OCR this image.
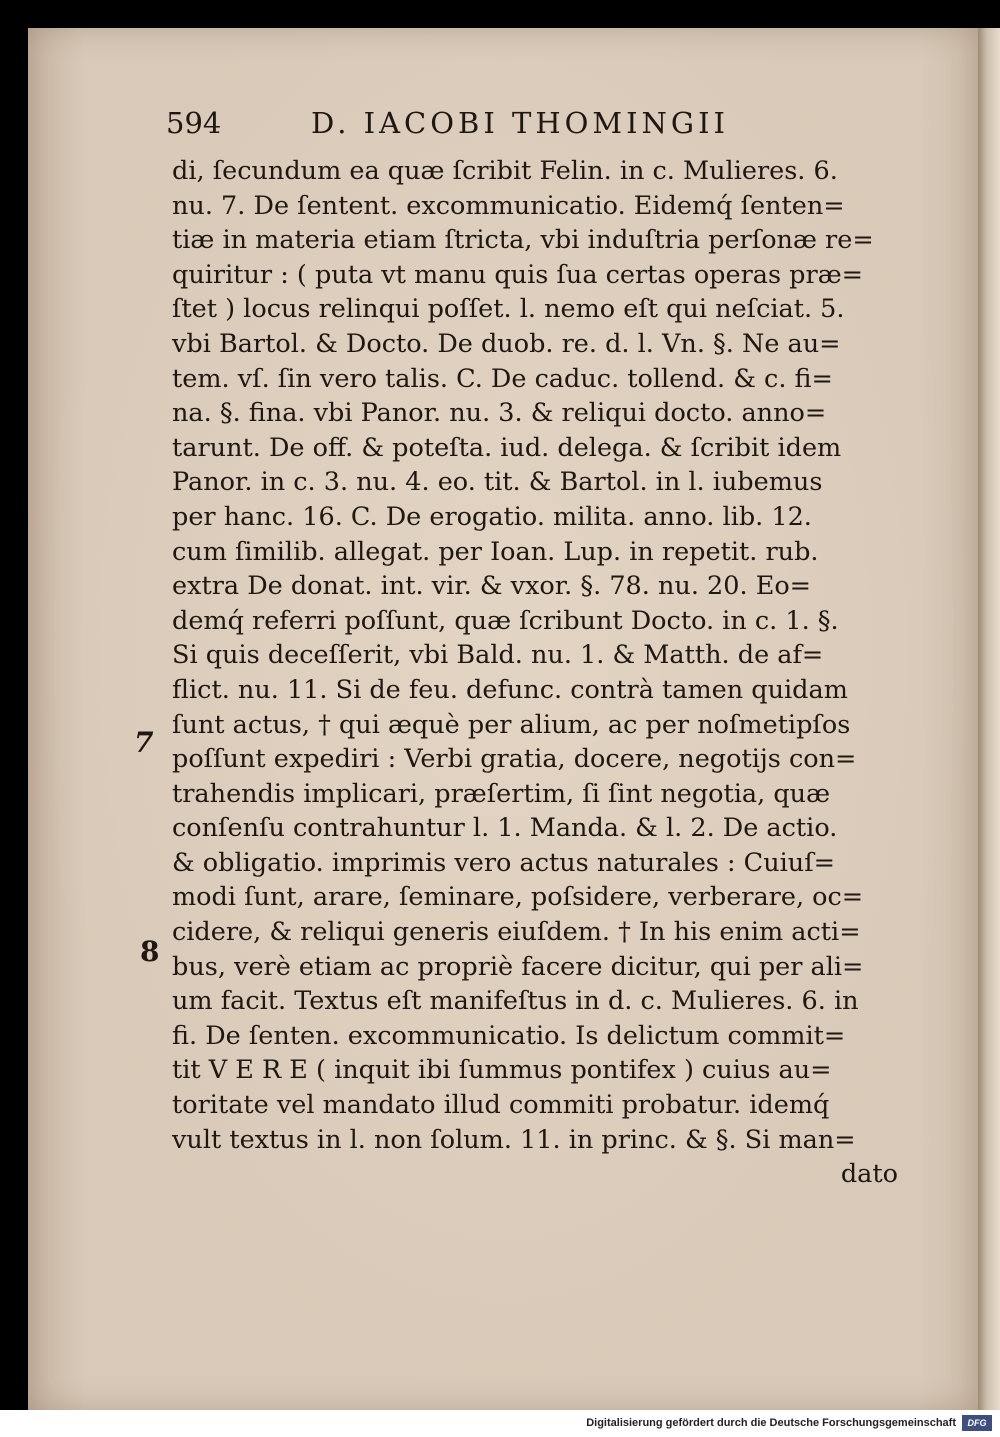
594	D. IACOBI THOMINGII
di, ſecundum ea quæ ſcribit Felin. in c. Mulieres. 6.
nu. 7. De ſentent. excommunicatio. Eidemq́ ſenten=
tiæ in materia etiam ſtricta, vbi induſtria perſonæ re=
quiritur : ( puta vt manu quis ſua certas operas præ=
ſtet ) locus relinqui poſſet. l. nemo eſt qui neſciat. 5.
vbi Bartol. & Docto. De duob. re. d. l. Vn. §. Ne au=
tem. vſ. ſin vero talis. C. De caduc. tollend. & c. fi=
na. §. fina. vbi Panor. nu. 3. & reliqui docto. anno=
tarunt. De off. & poteſta. iud. delega. & ſcribit idem
Panor. in c. 3. nu. 4. eo. tit. & Bartol. in l. iubemus
per hanc. 16. C. De erogatio. milita. anno. lib. 12.
cum ſimilib. allegat. per Ioan. Lup. in repetit. rub.
extra De donat. int. vir. & vxor. §. 78. nu. 20. Eo=
demq́ referri poſſunt, quæ ſcribunt Docto. in c. 1. §.
Si quis deceſſerit, vbi Bald. nu. 1. & Matth. de af=
flict. nu. 11. Si de feu. defunc. contrà tamen quidam
ſunt actus, † qui æquè per alium, ac per noſmetipſos
poſſunt expediri : Verbi gratia, docere, negotijs con=
trahendis implicari, præſertim, ſi ſint negotia, quæ
conſenſu contrahuntur l. 1. Manda. & l. 2. De actio.
& obligatio. imprimis vero actus naturales : Cuiuſ=
modi ſunt, arare, ſeminare, poſsidere, verberare, oc=
cidere, & reliqui generis eiuſdem. † In his enim acti=
bus, verè etiam ac propriè facere dicitur, qui per ali=
um facit. Textus eſt manifeſtus in d. c. Mulieres. 6. in
fi. De ſenten. excommunicatio. Is delictum commit=
tit V E R E ( inquit ibi ſummus pontifex ) cuius au=
toritate vel mandato illud commiti probatur. idemq́
vult textus in l. non ſolum. 11. in princ. & §. Si man=
dato
7
8
Digitalisierung gefördert durch die Deutsche Forschungsgemeinschaft	DFG
